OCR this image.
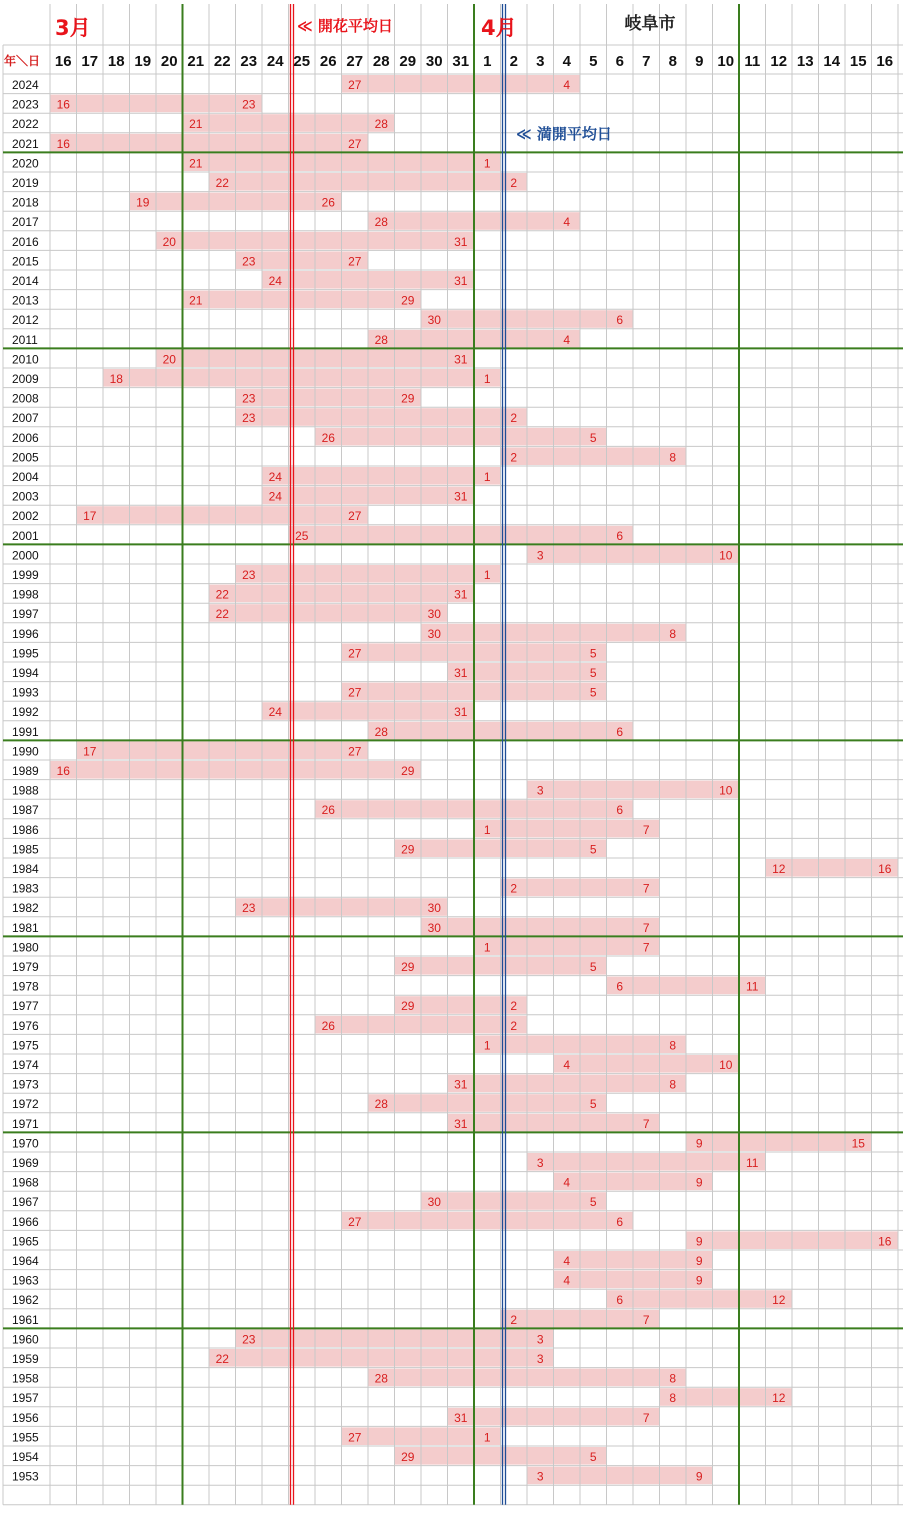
3月	4月	岐阜市
年＼日
≪ 開花平均日
≪ 満開平均日
16 17 18 19 20 21 22 23 24 25 26 27 28 29 30 31 1 2 3 4 5 6 7 8 9 10 11 12 13 14 15 16
2024	27	4
2023 16	23
2022	21	28
2021 16	27
2020	21	1
2019	22	2
2018	19	26
2017	28	4
2016	20	31
2015	23	27
2014	24	31
2013	21	29
2012	30	6
2011	28	4
2010	20	31
2009	18	1
2008	23	29
2007	23	2
2006	26	5
2005	2	8
2004	24	1
2003	24	31
2002	17	27
2001	25	6
2000	3	10
1999	23	1
1998	22	31
1997	22	30
1996	30	8
1995	27	5
1994	31	5
1993	27	5
1992	24	31
1991	28	6
1990	17	27
1989 16	29
1988	3	10
1987	26	6
1986	1	7
1985	29	5
1984	12	16
1983	2	7
1982	23	30
1981	30	7
1980	1	7
1979	29	5
1978	6	11
1977	29	2
1976	26	2
1975	1	8
1974	4	10
1973	31	8
1972	28	5
1971	31	7
1970	9	15
1969	3	11
1968	4	9
1967	30	5
1966	27	6
1965	9	16
1964	4	9
1963	4	9
1962	6	12
1961	2	7
1960	23	3
1959	22	3
1958	28	8
1957	8	12
1956	31	7
1955	27	1
1954	29	5
1953	3	9
